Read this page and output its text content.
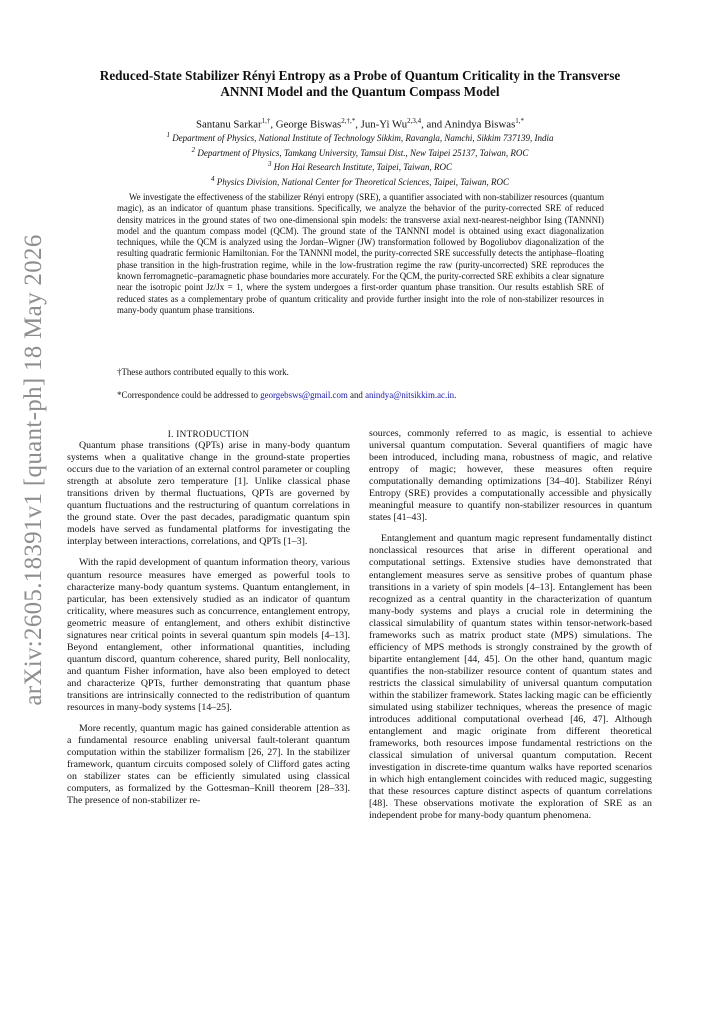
arXiv:2605.18391v1 [quant-ph] 18 May 2026
Reduced-State Stabilizer Rényi Entropy as a Probe of Quantum Criticality in the Transverse
ANNNI Model and the Quantum Compass Model
Santanu Sarkar$^{1,\dagger}$, George Biswas$^{2,\dagger,*}$, Jun-Yi Wu$^{2,3,4}$, and Anindya Biswas$^{1,*}$
$^1$ Department of Physics, National Institute of Technology Sikkim, Ravangla, Namchi, Sikkim 737139, India
$^2$ Department of Physics, Tamkang University, Tamsui Dist., New Taipei 25137, Taiwan, ROC
$^3$ Hon Hai Research Institute, Taipei, Taiwan, ROC
$^4$ Physics Division, National Center for Theoretical Sciences, Taipei, Taiwan, ROC

We investigate the effectiveness of the stabilizer Rényi entropy (SRE), a quantifier associated with non-stabilizer resources (quantum magic), as an indicator of quantum phase transitions. Specifically, we analyze the behavior of the purity-corrected SRE of reduced density matrices in the ground states of two one-dimensional spin models: the transverse axial next-nearest-neighbor Ising (TANNNI) model and the quantum compass model (QCM). The ground state of the TANNNI model is obtained using exact diagonalization techniques, while the QCM is analyzed using the Jordan–Wigner (JW) transformation followed by Bogoliubov diagonalization of the resulting quadratic fermionic Hamiltonian. For the TANNNI model, the purity-corrected SRE successfully detects the antiphase–floating phase transition in the high-frustration regime, while in the low-frustration regime the raw (purity-uncorrected) SRE reproduces the known ferromagnetic–paramagnetic phase boundaries more accurately. For the QCM, the purity-corrected SRE exhibits a clear signature near the isotropic point Jz/Jx = 1, where the system undergoes a first-order quantum phase transition. Our results establish SRE of reduced states as a complementary probe of quantum criticality and provide further insight into the role of non-stabilizer resources in many-body quantum phase transitions.

†These authors contributed equally to this work.
*Correspondence could be addressed to georgebsws@gmail.com and anindya@nitsikkim.ac.in.

I. INTRODUCTION

Quantum phase transitions (QPTs) arise in many-body quantum systems when a qualitative change in the ground-state properties occurs due to the variation of an external control parameter or coupling strength at absolute zero temperature [1]. Unlike classical phase transitions driven by thermal fluctuations, QPTs are governed by quantum fluctuations and the restructuring of quantum correlations in the ground state. Over the past decades, paradigmatic quantum spin models have served as fundamental platforms for investigating the interplay between interactions, correlations, and QPTs [1–3].

With the rapid development of quantum information theory, various quantum resource measures have emerged as powerful tools to characterize many-body quantum systems. Quantum entanglement, in particular, has been extensively studied as an indicator of quantum criticality, where measures such as concurrence, entanglement entropy, geometric measure of entanglement, and others exhibit distinctive signatures near critical points in several quantum spin models [4–13]. Beyond entanglement, other informational quantities, including quantum discord, quantum coherence, shared purity, Bell nonlocality, and quantum Fisher information, have also been employed to detect and characterize QPTs, further demonstrating that quantum phase transitions are intrinsically connected to the redistribution of quantum resources in many-body systems [14–25].

More recently, quantum magic has gained considerable attention as a fundamental resource enabling universal fault-tolerant quantum computation within the stabilizer formalism [26, 27]. In the stabilizer framework, quantum circuits composed solely of Clifford gates acting on stabilizer states can be efficiently simulated using classical computers, as formalized by the Gottesman–Knill theorem [28–33]. The presence of non-stabilizer re-

sources, commonly referred to as magic, is essential to achieve universal quantum computation. Several quantifiers of magic have been introduced, including mana, robustness of magic, and relative entropy of magic; however, these measures often require computationally demanding optimizations [34–40]. Stabilizer Rényi Entropy (SRE) provides a computationally accessible and physically meaningful measure to quantify non-stabilizer resources in quantum states [41–43].

Entanglement and quantum magic represent fundamentally distinct nonclassical resources that arise in different operational and computational settings. Extensive studies have demonstrated that entanglement measures serve as sensitive probes of quantum phase transitions in a variety of spin models [4–13]. Entanglement has been recognized as a central quantity in the characterization of quantum many-body systems and plays a crucial role in determining the classical simulability of quantum states within tensor-network-based frameworks such as matrix product state (MPS) simulations. The efficiency of MPS methods is strongly constrained by the growth of bipartite entanglement [44, 45]. On the other hand, quantum magic quantifies the non-stabilizer resource content of quantum states and restricts the classical simulability of universal quantum computation within the stabilizer framework. States lacking magic can be efficiently simulated using stabilizer techniques, whereas the presence of magic introduces additional computational overhead [46, 47]. Although entanglement and magic originate from different theoretical frameworks, both resources impose fundamental restrictions on the classical simulation of universal quantum computation. Recent investigation in discrete-time quantum walks have reported scenarios in which high entanglement coincides with reduced magic, suggesting that these resources capture distinct aspects of quantum correlations [48]. These observations motivate the exploration of SRE as an independent probe for many-body quantum phenomena.
